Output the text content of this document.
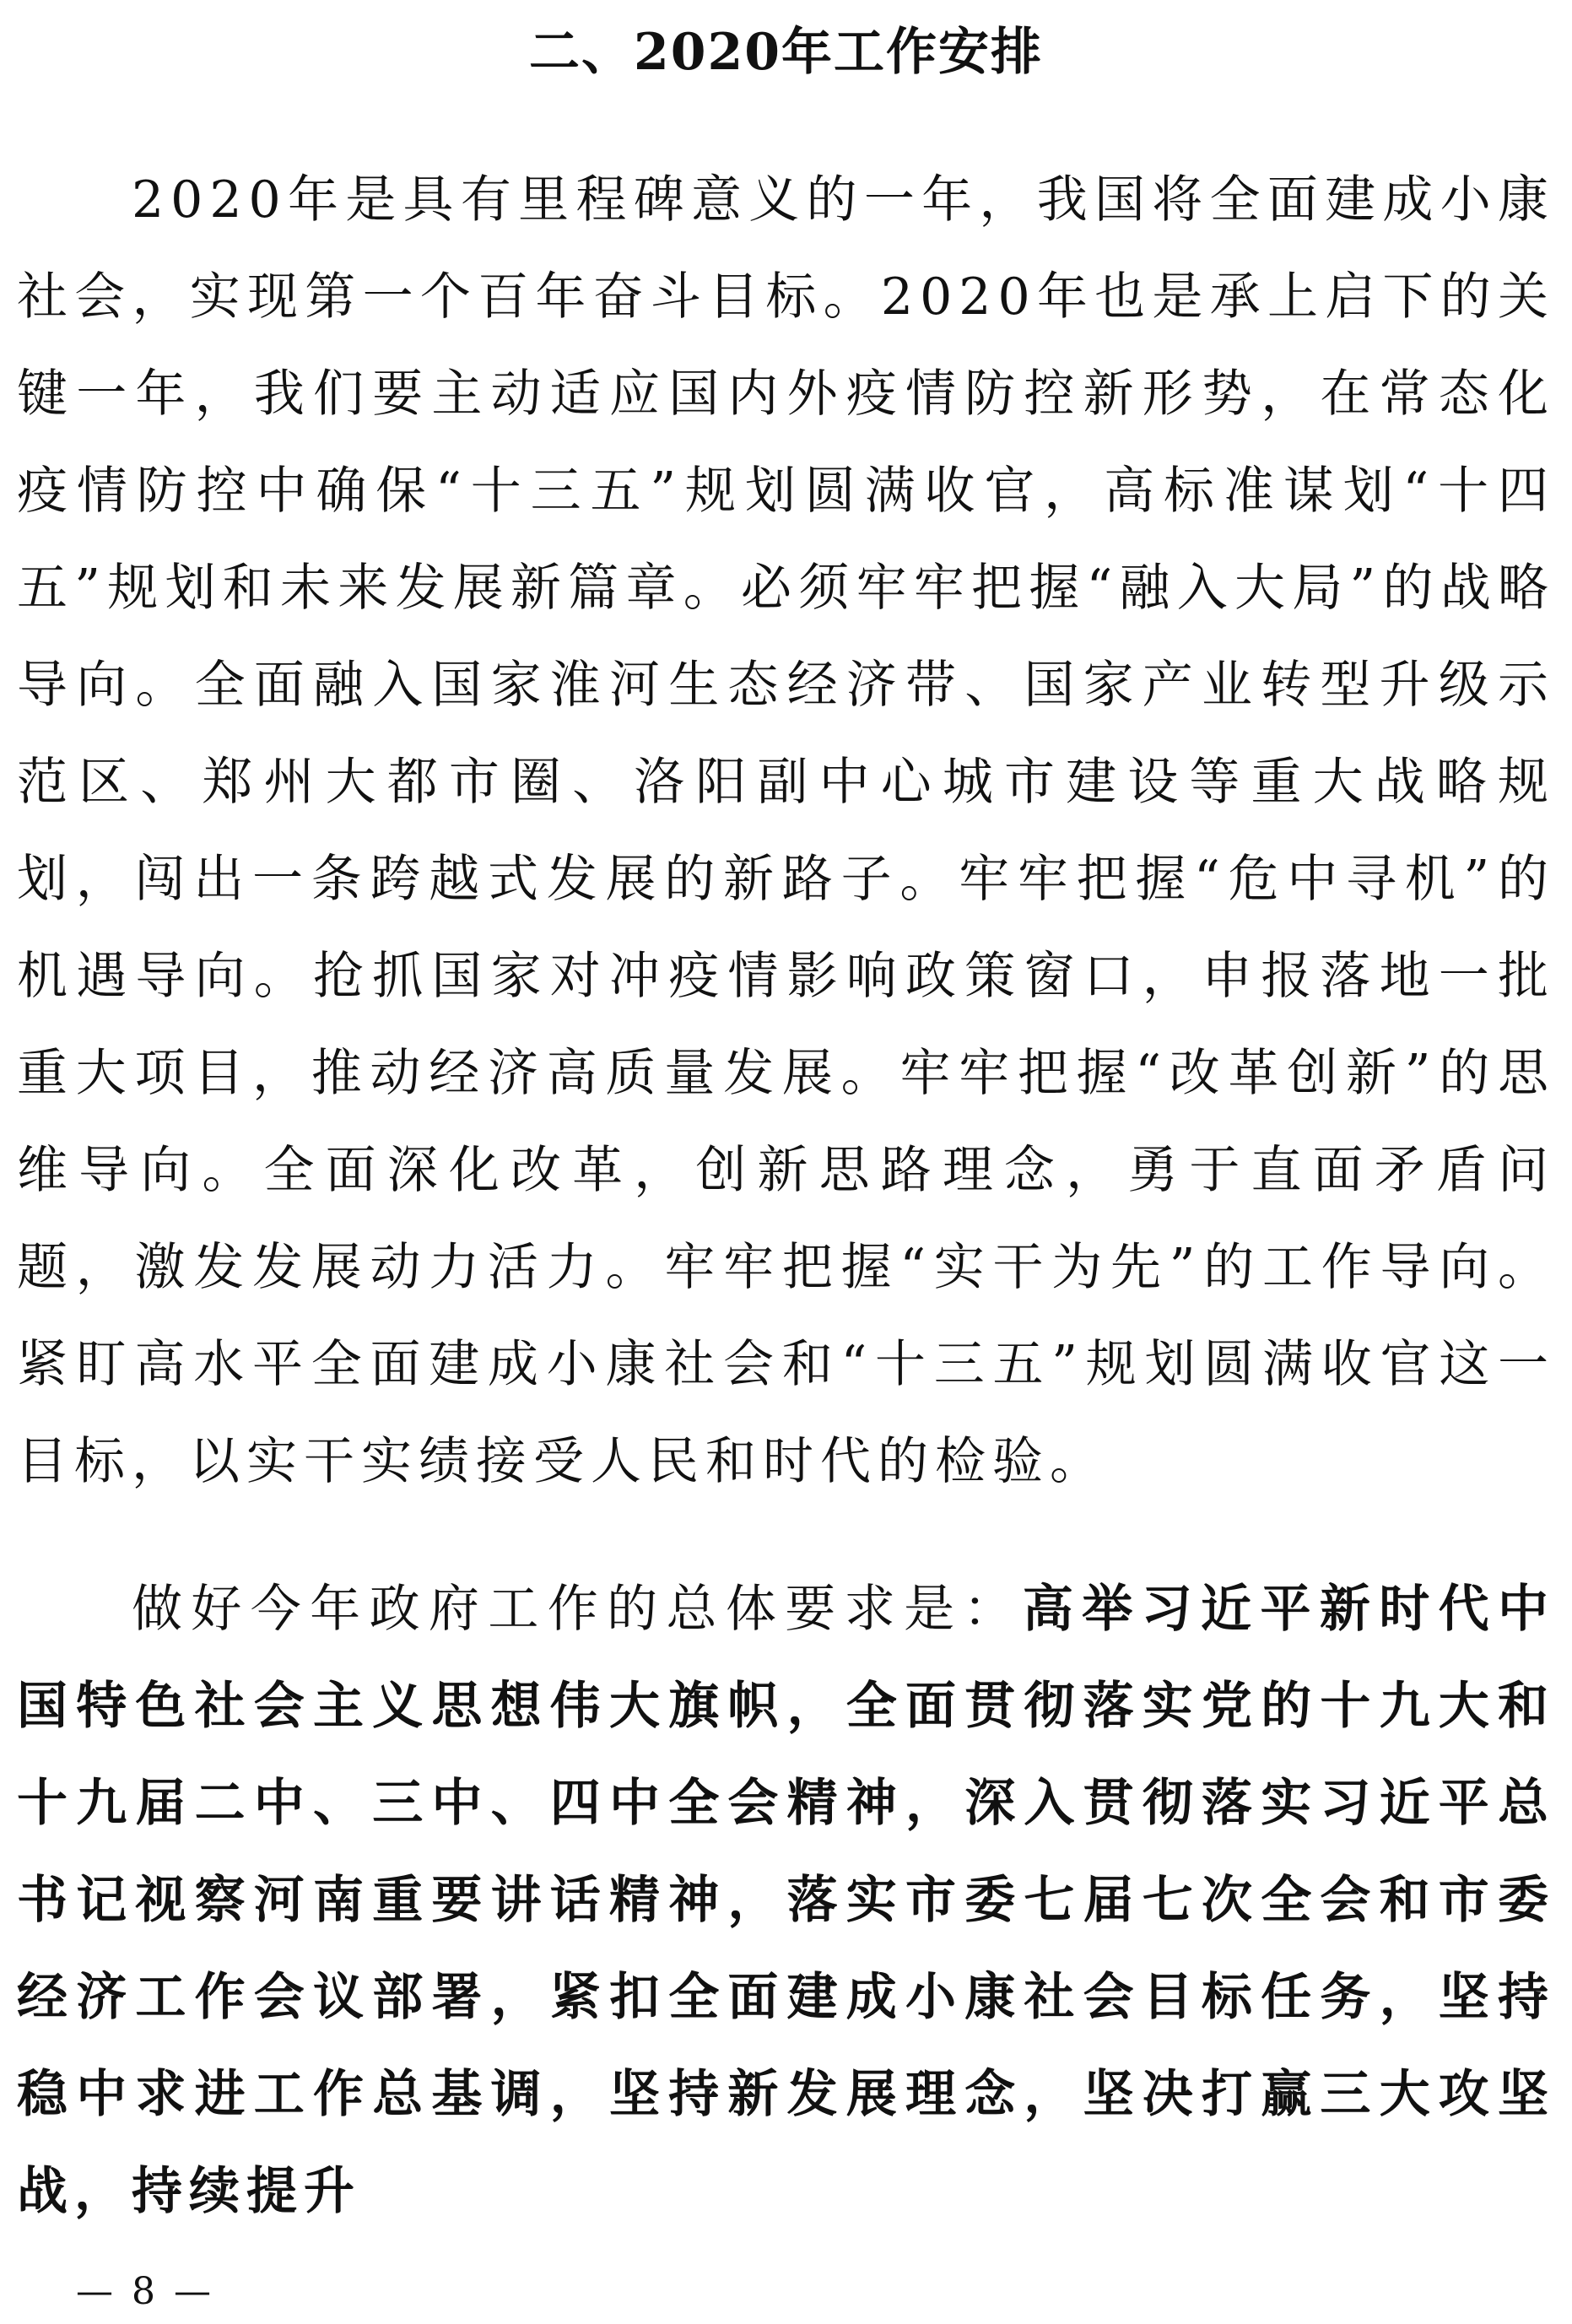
二、2020年工作安排

2020年是具有里程碑意义的一年，我国将全面建成小康社会，实现第一个百年奋斗目标。2020年也是承上启下的关键一年，我们要主动适应国内外疫情防控新形势，在常态化疫情防控中确保“十三五”规划圆满收官，高标准谋划“十四五”规划和未来发展新篇章。必须牢牢把握“融入大局”的战略导向。全面融入国家淮河生态经济带、国家产业转型升级示范区、郑州大都市圈、洛阳副中心城市建设等重大战略规划，闯出一条跨越式发展的新路子。牢牢把握“危中寻机”的机遇导向。抢抓国家对冲疫情影响政策窗口，申报落地一批重大项目，推动经济高质量发展。牢牢把握“改革创新”的思维导向。全面深化改革，创新思路理念，勇于直面矛盾问题，激发发展动力活力。牢牢把握“实干为先”的工作导向。紧盯高水平全面建成小康社会和“十三五”规划圆满收官这一目标，以实干实绩接受人民和时代的检验。

做好今年政府工作的总体要求是：高举习近平新时代中国特色社会主义思想伟大旗帜，全面贯彻落实党的十九大和十九届二中、三中、四中全会精神，深入贯彻落实习近平总书记视察河南重要讲话精神，落实市委七届七次全会和市委经济工作会议部署，紧扣全面建成小康社会目标任务，坚持稳中求进工作总基调，坚持新发展理念，坚决打赢三大攻坚战，持续提升

— 8 —
